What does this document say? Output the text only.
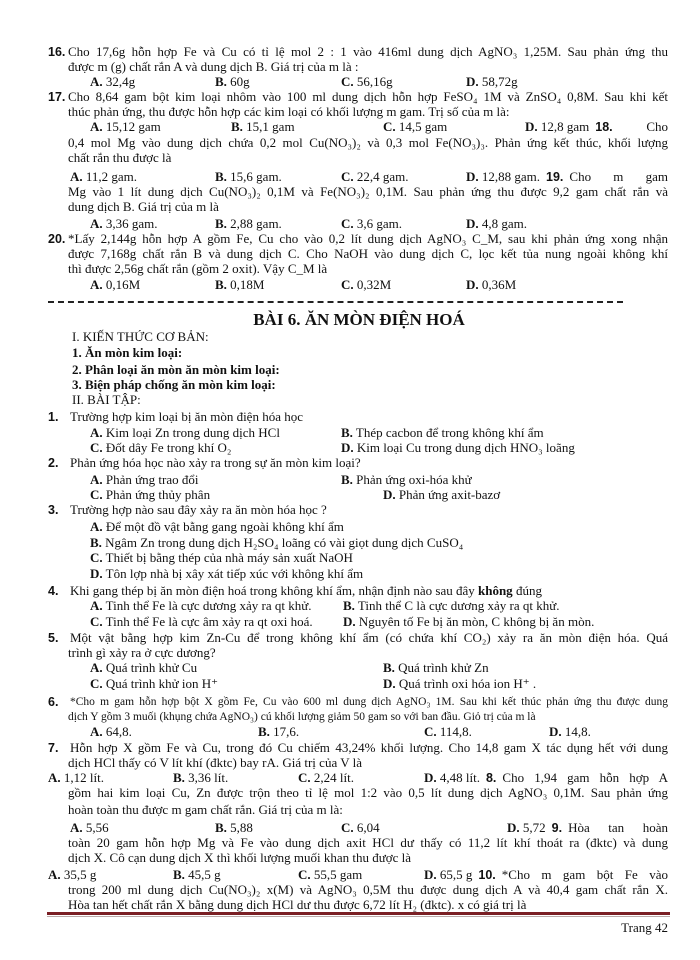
16. Cho 17,6g hỗn hợp Fe và Cu có tỉ lệ mol 2 : 1 vào 416ml dung dịch AgNO₃ 1,25M. Sau phản ứng thu
được m (g) chất rắn A và dung dịch B. Giá trị của m là :
A. 32,4g	B. 60g	C. 56,16g	D. 58,72g
17. Cho 8,64 gam bột kim loại nhôm vào 100 ml dung dịch hỗn hợp FeSO₄ 1M và ZnSO₄ 0,8M. Sau khi kết
thúc phản ứng, thu được hỗn hợp các kim loại có khối lượng m gam. Trị số của m là:
A. 15,12 gam	B. 15,1 gam	C. 14,5 gam	D. 12,8 gam 18.	Cho
0,4 mol Mg vào dung dịch chứa 0,2 mol Cu(NO₃)₂ và 0,3 mol Fe(NO₃)₃. Phản ứng kết thúc, khối lượng
chất rắn thu được là
A. 11,2 gam.	B. 15,6 gam.	C. 22,4 gam.	D. 12,88 gam. 19. Cho m gam
Mg vào 1 lít dung dịch Cu(NO₃)₂ 0,1M và Fe(NO₃)₂ 0,1M. Sau phản ứng thu được 9,2 gam chất rắn và
dung dịch B. Giá trị của m là
A. 3,36 gam.	B. 2,88 gam.	C. 3,6 gam.	D. 4,8 gam.
20. *Lấy 2,144g hỗn hợp A gồm Fe, Cu cho vào 0,2 lít dung dịch AgNO₃ C_M, sau khi phản ứng xong nhận
được 7,168g chất rắn B và dung dịch C. Cho NaOH vào dung dịch C, lọc kết tủa nung ngoài không khí
thì được 2,56g chất rắn (gồm 2 oxit). Vậy C_M là
A. 0,16M	B. 0,18M	C. 0,32M	D. 0,36M
BÀI 6. ĂN MÒN ĐIỆN HOÁ
I. KIẾN THỨC CƠ BẢN:
1. Ăn mòn kim loại:
2. Phân loại ăn mòn ăn mòn kim loại:
3. Biện pháp chống ăn mòn kim loại:
II. BÀI TẬP:
1. Trường hợp kim loại bị ăn mòn điện hóa học
A. Kim loại Zn trong dung dịch HCl	B. Thép cacbon để trong không khí ẩm
C. Đốt dây Fe trong khí O₂	D. Kim loại Cu trong dung dịch HNO₃ loãng
2. Phản ứng hóa học nào xảy ra trong sự ăn mòn kim loại?
A. Phản ứng trao đổi	B. Phản ứng oxi-hóa khử
C. Phản ứng thủy phân	D. Phản ứng axit-bazơ
3. Trường hợp nào sau đây xảy ra ăn mòn hóa học ?
A. Để một đồ vật bằng gang ngoài không khí ẩm
B. Ngâm Zn trong dung dịch H₂SO₄ loãng có vài giọt dung dịch CuSO₄
C. Thiết bị bằng thép của nhà máy sản xuất NaOH
D. Tôn lợp nhà bị xây xát tiếp xúc với không khí ẩm
4. Khi gang thép bị ăn mòn điện hoá trong không khí ẩm, nhận định nào sau đây không đúng
A. Tinh thể Fe là cực dương xảy ra qt khử. B. Tinh thể C là cực dương xảy ra qt khử.
C. Tinh thể Fe là cực âm xảy ra qt oxi hoá. D. Nguyên tố Fe bị ăn mòn, C không bị ăn mòn.
5. Một vật bằng hợp kim Zn-Cu để trong không khí ẩm (có chứa khí CO₂) xảy ra ăn mòn điện hóa. Quá
trình gì xảy ra ở cực dương?
A. Quá trình khử Cu	B. Quá trình khử Zn
C. Quá trình khử ion H⁺	D. Quá trình oxi hóa ion H⁺ .
6. *Cho m gam hỗn hợp bột X gồm Fe, Cu vào 600 ml dung dịch AgNO₃ 1M. Sau khi kết thúc phản ứng thu được dung
dịch Y gồm 3 muối (khụng chứa AgNO₃) cú khối lượng giảm 50 gam so với ban đầu. Giỏ trị của m là
A. 64,8.	B. 17,6.	C. 114,8.	D. 14,8.
7. Hỗn hợp X gồm Fe và Cu, trong đó Cu chiếm 43,24% khối lượng. Cho 14,8 gam X tác dụng hết với dung
dịch HCl thấy có V lít khí (đktc) bay rA. Giá trị của V là
A. 1,12 lít.	B. 3,36 lít.	C. 2,24 lít.	D. 4,48 lít. 8. Cho 1,94 gam hỗn hợp A
gồm hai kim loại Cu, Zn được trộn theo tỉ lệ mol 1:2 vào 0,5 lít dung dịch AgNO₃ 0,1M. Sau phản ứng
hoàn toàn thu được m gam chất rắn. Giá trị của m là:
A. 5,56	B. 5,88	C. 6,04	D. 5,72 9. Hòa tan hoàn
toàn 20 gam hỗn hợp Mg và Fe vào dung dịch axit HCl dư thấy có 11,2 lít khí thoát ra (đktc) và dung
dịch X. Cô cạn dung dịch X thì khối lượng muối khan thu được là
A. 35,5 g	B. 45,5 g	C. 55,5 gam	D. 65,5 g 10. *Cho m gam bột Fe vào
trong 200 ml dung dịch Cu(NO₃)₂ x(M) và AgNO₃ 0,5M thu được dung dịch A và 40,4 gam chất rắn X.
Hòa tan hết chất rắn X bằng dung dịch HCl dư thu được 6,72 lít H₂ (đktc). x có giá trị là
Trang 42
